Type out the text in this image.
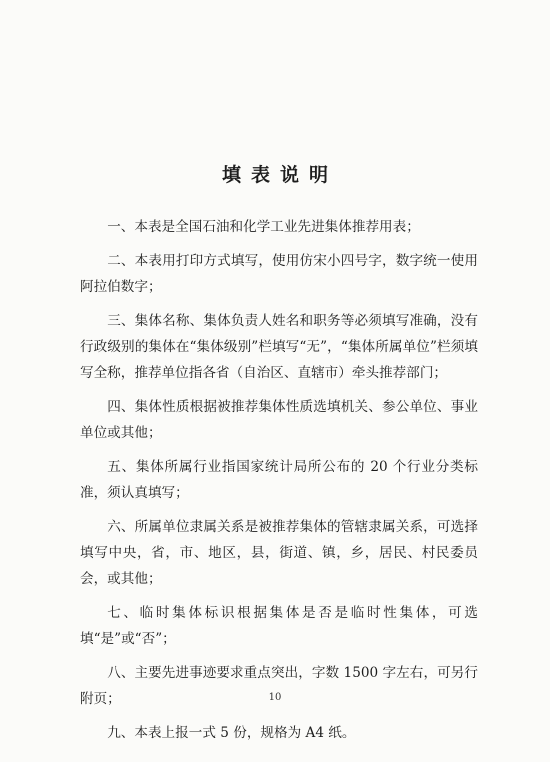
填表说明

一、本表是全国石油和化学工业先进集体推荐用表；

二、本表用打印方式填写，使用仿宋小四号字，数字统一使用阿拉伯数字；

三、集体名称、集体负责人姓名和职务等必须填写准确，没有行政级别的集体在“集体级别”栏填写“无”，“集体所属单位”栏须填写全称，推荐单位指各省（自治区、直辖市）牵头推荐部门；

四、集体性质根据被推荐集体性质选填机关、参公单位、事业单位或其他；

五、集体所属行业指国家统计局所公布的 20 个行业分类标准，须认真填写；

六、所属单位隶属关系是被推荐集体的管辖隶属关系，可选择填写中央，省，市、地区，县，街道、镇，乡，居民、村民委员会，或其他；

七、临时集体标识根据集体是否是临时性集体，可选填“是”或“否”；

八、主要先进事迹要求重点突出，字数 1500 字左右，可另行附页；

九、本表上报一式 5 份，规格为 A4 纸。

10
